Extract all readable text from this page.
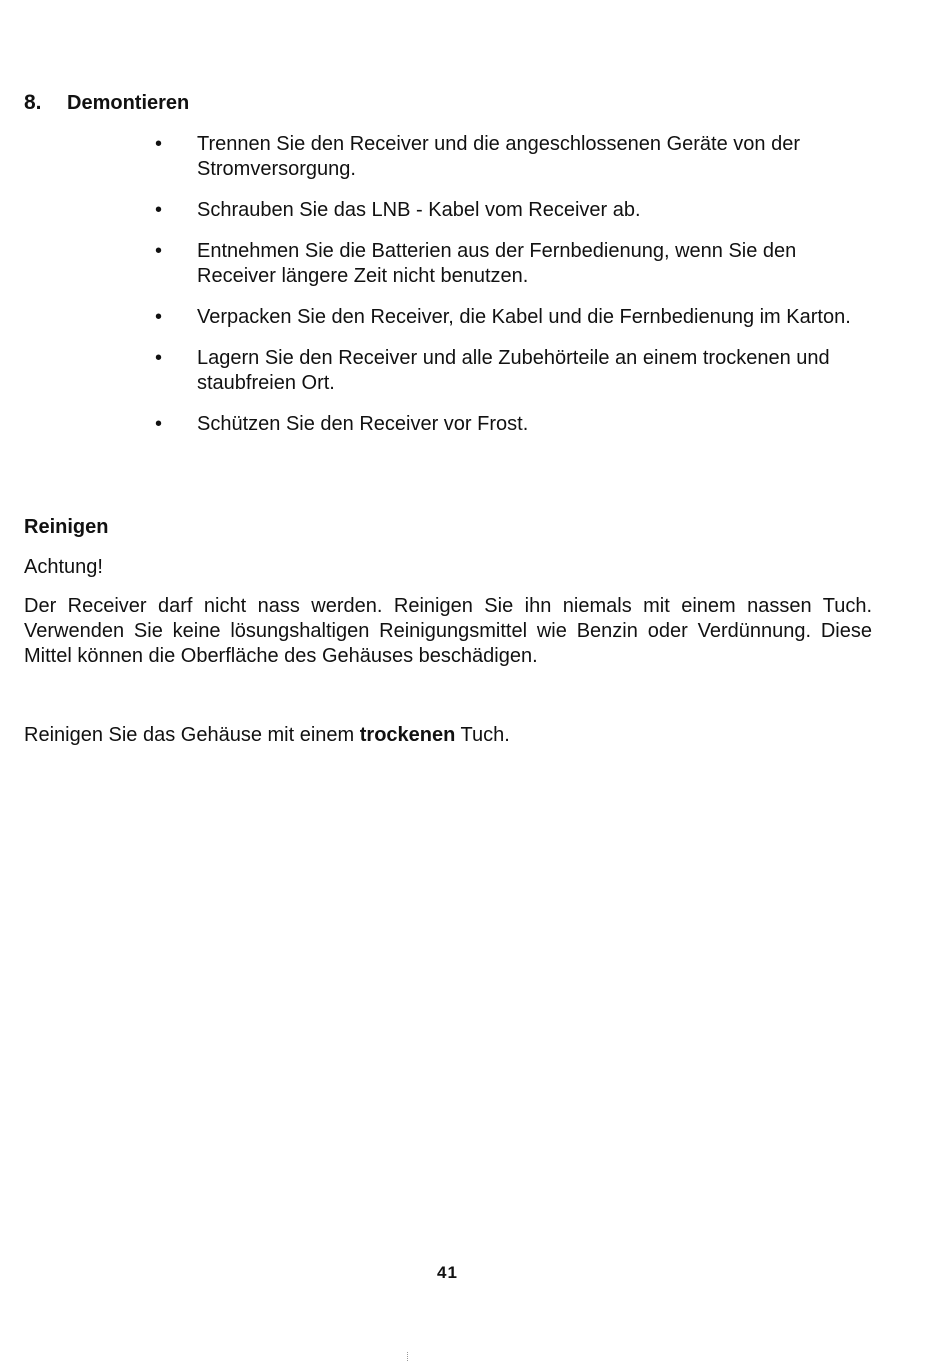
8. Demontieren
• Trennen Sie den Receiver und die angeschlossenen Geräte von der Stromversorgung.
• Schrauben Sie das LNB - Kabel vom Receiver ab.
• Entnehmen Sie die Batterien aus der Fernbedienung, wenn Sie den Receiver längere Zeit nicht benutzen.
• Verpacken Sie den Receiver, die Kabel und die Fernbedienung im Karton.
• Lagern Sie den Receiver und alle Zubehörteile an einem trockenen und staubfreien Ort.
• Schützen Sie den Receiver vor Frost.
Reinigen
Achtung!

Der Receiver darf nicht nass werden. Reinigen Sie ihn niemals mit einem nassen Tuch. Verwenden Sie keine lösungshaltigen Reinigungsmittel wie Benzin oder Verdünnung. Diese Mittel können die Oberfläche des Gehäuses beschädigen.

Reinigen Sie das Gehäuse mit einem trockenen Tuch.

41
